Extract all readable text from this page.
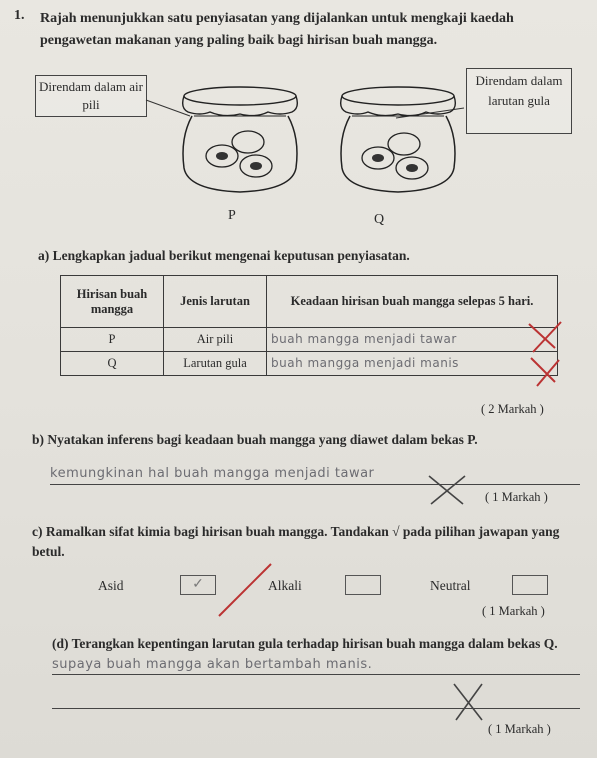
1. Rajah menunjukkan satu penyiasatan yang dijalankan untuk mengkaji kaedah pengawetan makanan yang paling baik bagi hirisan buah mangga.
Direndam dalam air pili
Direndam dalam larutan gula
P	Q
a) Lengkapkan jadual berikut mengenai keputusan penyiasatan.
Hirisan buah mangga	Jenis larutan	Keadaan hirisan buah mangga selepas 5 hari.
P	Air pili	buah mangga menjadi tawar
Q	Larutan gula	buah mangga menjadi manis
( 2 Markah )
b) Nyatakan inferens bagi keadaan buah mangga yang diawet dalam bekas P.
kemungkinan hal buah mangga menjadi tawar
( 1 Markah )
c) Ramalkan sifat kimia bagi hirisan buah mangga. Tandakan √ pada pilihan jawapan yang betul.
Asid	✓	Alkali	Neutral
( 1 Markah )
(d) Terangkan kepentingan larutan gula terhadap hirisan buah mangga dalam bekas Q.
supaya buah mangga akan bertambah manis.
( 1 Markah )
